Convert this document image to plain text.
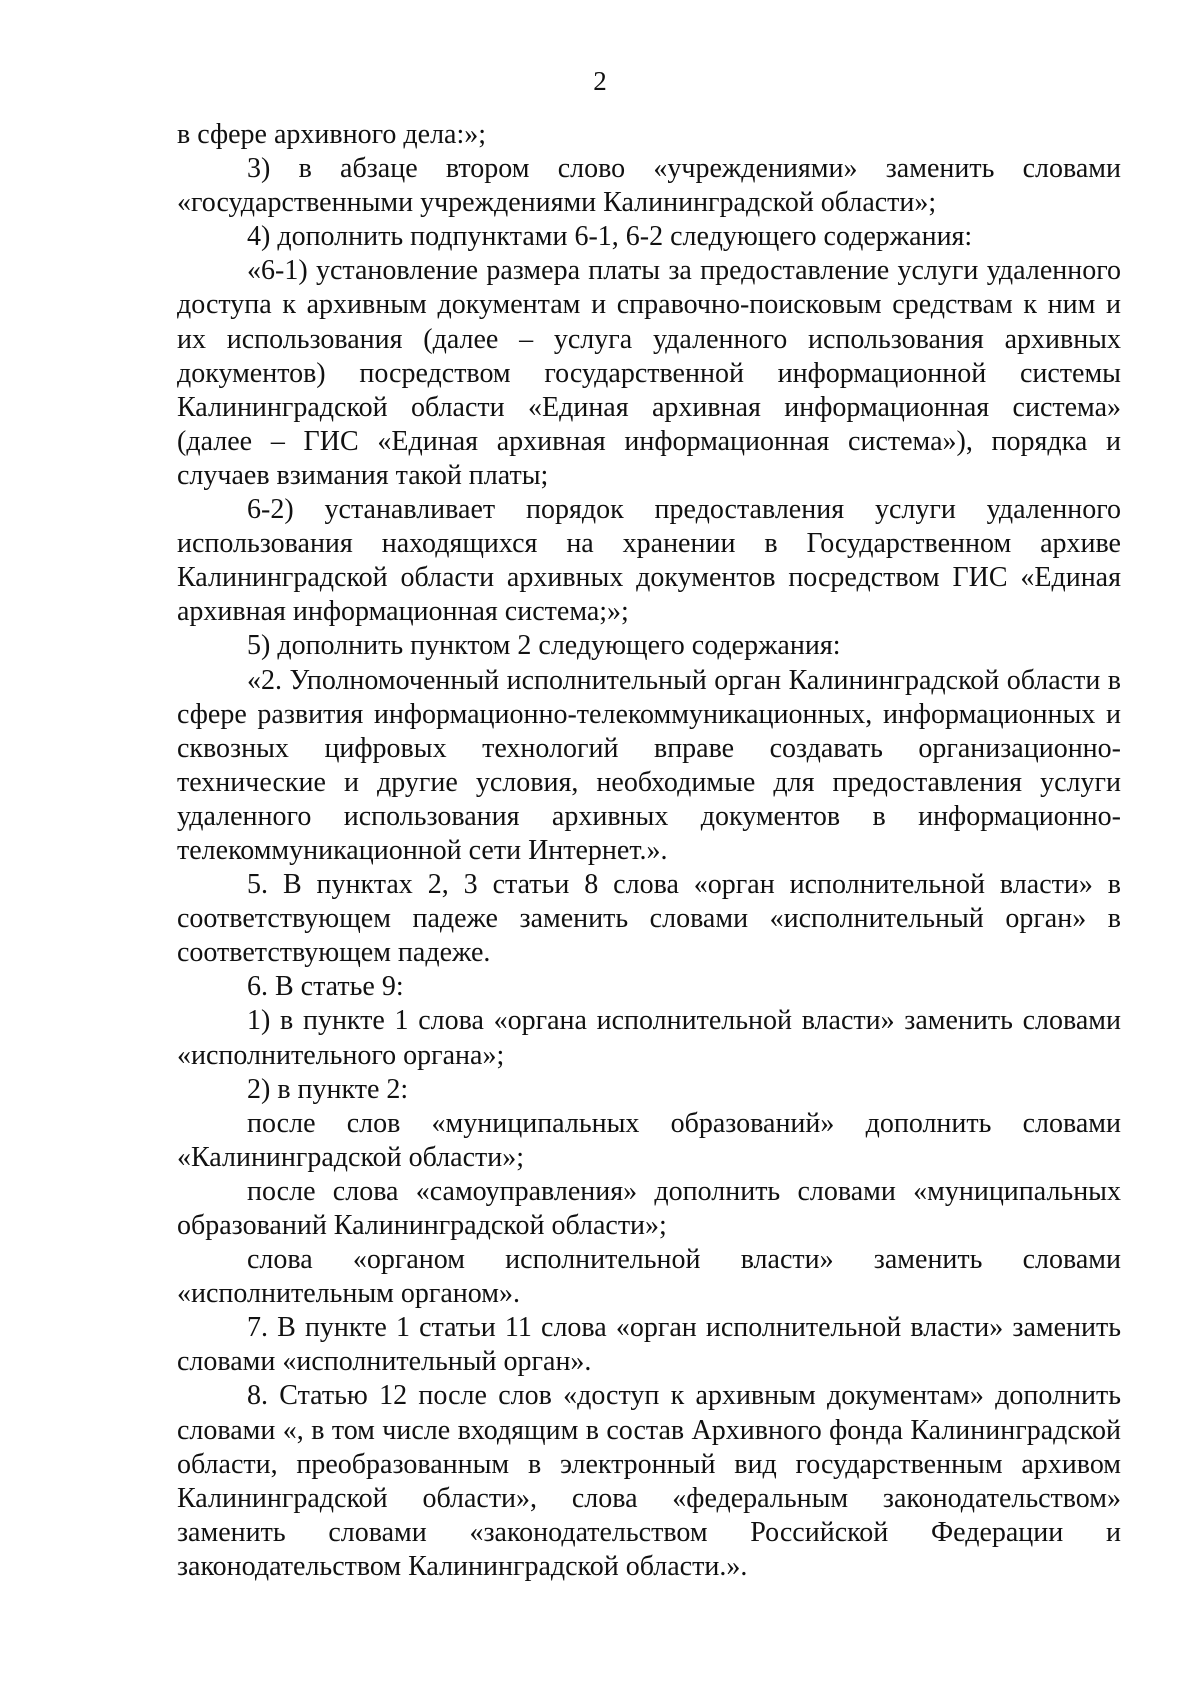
2

в сфере архивного дела:»;

3) в абзаце втором слово «учреждениями» заменить словами «государственными учреждениями Калининградской области»;

4) дополнить подпунктами 6-1, 6-2 следующего содержания:

«6-1) установление размера платы за предоставление услуги удаленного доступа к архивным документам и справочно-поисковым средствам к ним и их использования (далее – услуга удаленного использования архивных документов) посредством государственной информационной системы Калининградской области «Единая архивная информационная система» (далее – ГИС «Единая архивная информационная система»), порядка и случаев взимания такой платы;

6-2) устанавливает порядок предоставления услуги удаленного использования находящихся на хранении в Государственном архиве Калининградской области архивных документов посредством ГИС «Единая архивная информационная система;»;

5) дополнить пунктом 2 следующего содержания:

«2. Уполномоченный исполнительный орган Калининградской области в сфере развития информационно-телекоммуникационных, информационных и сквозных цифровых технологий вправе создавать организационно-технические и другие условия, необходимые для предоставления услуги удаленного использования архивных документов в информационно-телекоммуникационной сети Интернет.».

5. В пунктах 2, 3 статьи 8 слова «орган исполнительной власти» в соответствующем падеже заменить словами «исполнительный орган» в соответствующем падеже.

6. В статье 9:

1) в пункте 1 слова «органа исполнительной власти» заменить словами «исполнительного органа»;

2) в пункте 2:

после слов «муниципальных образований» дополнить словами «Калининградской области»;

после слова «самоуправления» дополнить словами «муниципальных образований Калининградской области»;

слова «органом исполнительной власти» заменить словами «исполнительным органом».

7. В пункте 1 статьи 11 слова «орган исполнительной власти» заменить словами «исполнительный орган».

8. Статью 12 после слов «доступ к архивным документам» дополнить словами «, в том числе входящим в состав Архивного фонда Калининградской области, преобразованным в электронный вид государственным архивом Калининградской области», слова «федеральным законодательством» заменить словами «законодательством Российской Федерации и законодательством Калининградской области.».
